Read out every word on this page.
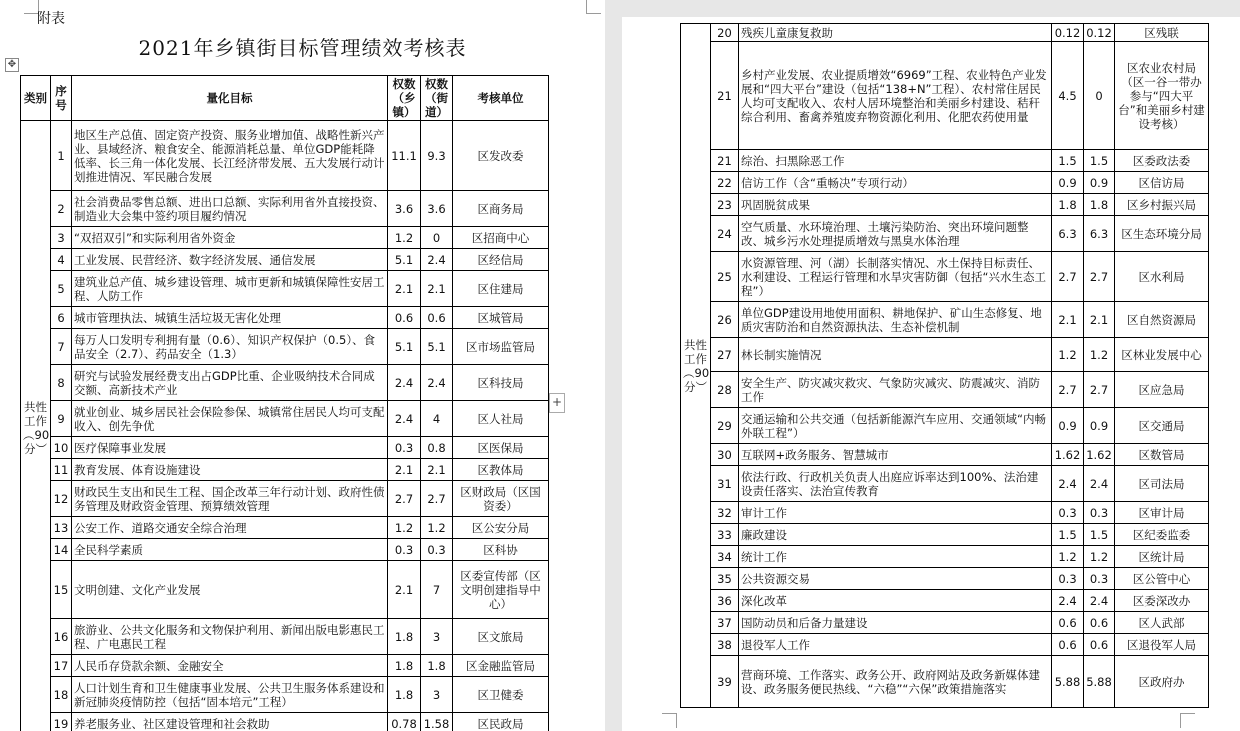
附表
2021年乡镇街目标管理绩效考核表
✥
类别	序号	量化目标	权数（乡镇）	权数（街道）	考核单位
共性工作︵90分︶	1	地区生产总值、固定资产投资、服务业增加值、战略性新兴产业、县域经济、粮食安全、能源消耗总量、单位GDP能耗降低率、长三角一体化发展、长江经济带发展、五大发展行动计划推进情况、军民融合发展	11.1	9.3	区发改委
	2	社会消费品零售总额、进出口总额、实际利用省外直接投资、制造业大会集中签约项目履约情况	3.6	3.6	区商务局
	3	“双招双引”和实际利用省外资金	1.2	0	区招商中心
	4	工业发展、民营经济、数字经济发展、通信发展	5.1	2.4	区经信局
	5	建筑业总产值、城乡建设管理、城市更新和城镇保障性安居工程、人防工作	2.1	2.1	区住建局
	6	城市管理执法、城镇生活垃圾无害化处理	0.6	0.6	区城管局
	7	每万人口发明专利拥有量（0.6）、知识产权保护（0.5）、食品安全（2.7）、药品安全（1.3）	5.1	5.1	区市场监管局
	8	研究与试验发展经费支出占GDP比重、企业吸纳技术合同成交额、高新技术产业	2.4	2.4	区科技局
	9	就业创业、城乡居民社会保险参保、城镇常住居民人均可支配收入、创先争优	2.4	4	区人社局
	10	医疗保障事业发展	0.3	0.8	区医保局
	11	教育发展、体育设施建设	2.1	2.1	区教体局
	12	财政民生支出和民生工程、国企改革三年行动计划、政府性债务管理及财政资金管理、预算绩效管理	2.7	2.7	区财政局（区国资委）
	13	公安工作、道路交通安全综合治理	1.2	1.2	区公安分局
	14	全民科学素质	0.3	0.3	区科协
	15	文明创建、文化产业发展	2.1	7	区委宣传部（区文明创建指导中心）
	16	旅游业、公共文化服务和文物保护利用、新闻出版电影惠民工程、广电惠民工程	1.8	3	区文旅局
	17	人民币存贷款余额、金融安全	1.8	1.8	区金融监管局
	18	人口计划生育和卫生健康事业发展、公共卫生服务体系建设和新冠肺炎疫情防控（包括“固本培元”工程）	1.8	3	区卫健委
	19	养老服务业、社区建设管理和社会救助	0.78	1.58	区民政局
+
共性工作︵90分︶	20	残疾儿童康复救助	0.12	0.12	区残联
	21	乡村产业发展、农业提质增效“6969”工程、农业特色产业发展和“四大平台”建设（包括“138+N”工程）、农村常住居民人均可支配收入、农村人居环境整治和美丽乡村建设、秸秆综合利用、畜禽养殖废弃物资源化利用、化肥农药使用量	4.5	0	区农业农村局（区一谷一带办参与“四大平台”和美丽乡村建设考核）
	21	综治、扫黑除恶工作	1.5	1.5	区委政法委
	22	信访工作（含“重畅决”专项行动）	0.9	0.9	区信访局
	23	巩固脱贫成果	1.8	1.8	区乡村振兴局
	24	空气质量、水环境治理、土壤污染防治、突出环境问题整改、城乡污水处理提质增效与黑臭水体治理	6.3	6.3	区生态环境分局
	25	水资源管理、河（湖）长制落实情况、水土保持目标责任、水利建设、工程运行管理和水旱灾害防御（包括“兴水生态工程”）	2.7	2.7	区水利局
	26	单位GDP建设用地使用面积、耕地保护、矿山生态修复、地质灾害防治和自然资源执法、生态补偿机制	2.1	2.1	区自然资源局
	27	林长制实施情况	1.2	1.2	区林业发展中心
	28	安全生产、防灾减灾救灾、气象防灾减灾、防震减灾、消防工作	2.7	2.7	区应急局
	29	交通运输和公共交通（包括新能源汽车应用、交通领域“内畅外联工程”）	0.9	0.9	区交通局
	30	互联网+政务服务、智慧城市	1.62	1.62	区数管局
	31	依法行政、行政机关负责人出庭应诉率达到100%、法治建设责任落实、法治宣传教育	2.4	2.4	区司法局
	32	审计工作	0.3	0.3	区审计局
	33	廉政建设	1.5	1.5	区纪委监委
	34	统计工作	1.2	1.2	区统计局
	35	公共资源交易	0.3	0.3	区公管中心
	36	深化改革	2.4	2.4	区委深改办
	37	国防动员和后备力量建设	0.6	0.6	区人武部
	38	退役军人工作	0.6	0.6	区退役军人局
	39	营商环境、工作落实、政务公开、政府网站及政务新媒体建设、政务服务便民热线、“六稳”“六保”政策措施落实	5.88	5.88	区政府办
